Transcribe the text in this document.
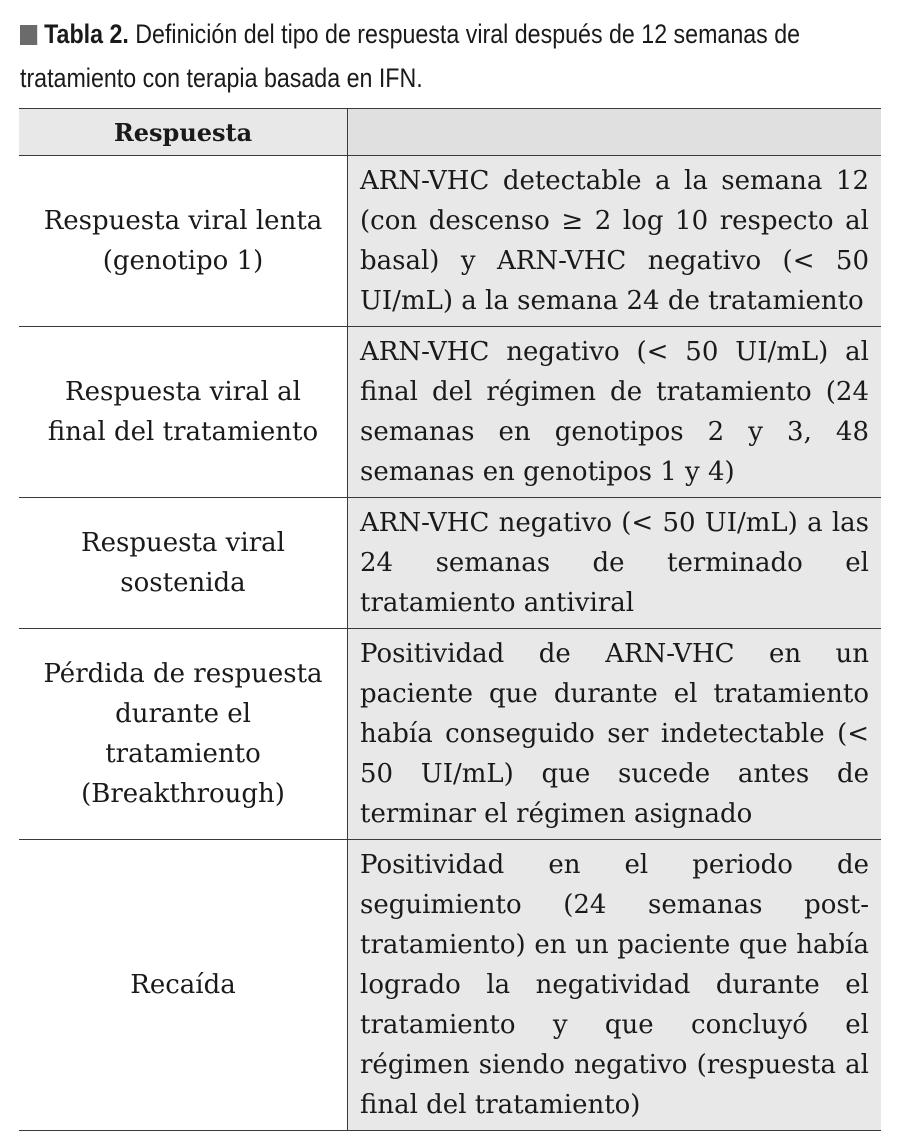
Tabla 2. Definición del tipo de respuesta viral después de 12 semanas de tratamiento con terapia basada en IFN.
Respuesta	
Respuesta viral lenta (genotipo 1)	ARN-VHC detectable a la semana 12 (con descenso ≥ 2 log 10 respecto al basal) y ARN-VHC negativo (< 50 UI/mL) a la semana 24 de tratamiento
Respuesta viral al final del tratamiento	ARN-VHC negativo (< 50 UI/mL) al final del régimen de tratamiento (24 semanas en genotipos 2 y 3, 48 semanas en genotipos 1 y 4)
Respuesta viral sostenida	ARN-VHC negativo (< 50 UI/mL) a las 24 semanas de terminado el tratamiento antiviral
Pérdida de respuesta durante el tratamiento (Breakthrough)	Positividad de ARN-VHC en un paciente que durante el tratamiento había conseguido ser indetectable (< 50 UI/mL) que sucede antes de terminar el régimen asignado
Recaída	Positividad en el periodo de seguimiento (24 semanas post-tratamiento) en un paciente que había logrado la negatividad durante el tratamiento y que concluyó el régimen siendo negativo (respuesta al final del tratamiento)
